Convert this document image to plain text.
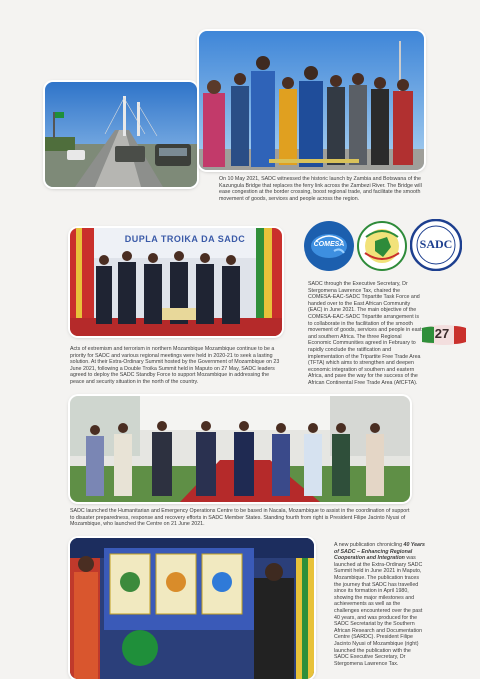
On 10 May 2021, SADC witnessed the historic launch by Zambia and Botswana of the Kazungula Bridge that replaces the ferry link across the Zambezi River. The Bridge will ease congestion at the border crossing, boost regional trade, and facilitate the smooth movement of goods, services and people across the region.

DUPLA TROIKA DA SADC
COMESA	SADC

SADC through the Executive Secretary, Dr Stergomena Lawrence Tax, chaired the COMESA-EAC-SADC Tripartite Task Force and handed over to the East African Community (EAC) in June 2021. The main objective of the COMESA-EAC-SADC Tripartite arrangement is to collaborate in the facilitation of the smooth movement of goods, services and people in east and southern Africa. The three Regional Economic Communities agreed in February to rapidly conclude the ratification and implementation of the Tripartite Free Trade Area (TFTA) which aims to strengthen and deepen economic integration of southern and eastern Africa, and pave the way for the success of the African Continental Free Trade Area (AfCFTA).

27

Acts of extremism and terrorism in northern Mozambique Mozambique continue to be a priority for SADC and various regional meetings were held in 2020-21 to seek a lasting solution. At their Extra-Ordinary Summit hosted by the Government of Mozambique on 23 June 2021, following a Double Troika Summit held in Maputo on 27 May, SADC leaders agreed to deploy the SADC Standby Force to support Mozambique in addressing the peace and security situation in the north of the country.

SADC launched the Humanitarian and Emergency Operations Centre to be based in Nacala, Mozambique to assist in the coordination of support to disaster preparedness, response and recovery efforts in SADC Member States. Standing fourth from right is President Filipe Jacinto Nyusi of Mozambique, who launched the Centre on 21 June 2021.

A new publication chronicling 40 Years of SADC – Enhancing Regional Cooperation and Integration was launched at the Extra-Ordinary SADC Summit held in June 2021 in Maputo, Mozambique. The publication traces the journey that SADC has travelled since its formation in April 1980, showing the major milestones and achievements as well as the challenges encountered over the past 40 years, and was produced for the SADC Secretariat by the Southern African Research and Documentation Centre (SARDC). President Filipe Jacinto Nyusi of Mozambique (right) launched the publication with the SADC Executive Secretary, Dr Stergomena Lawrence Tax.
